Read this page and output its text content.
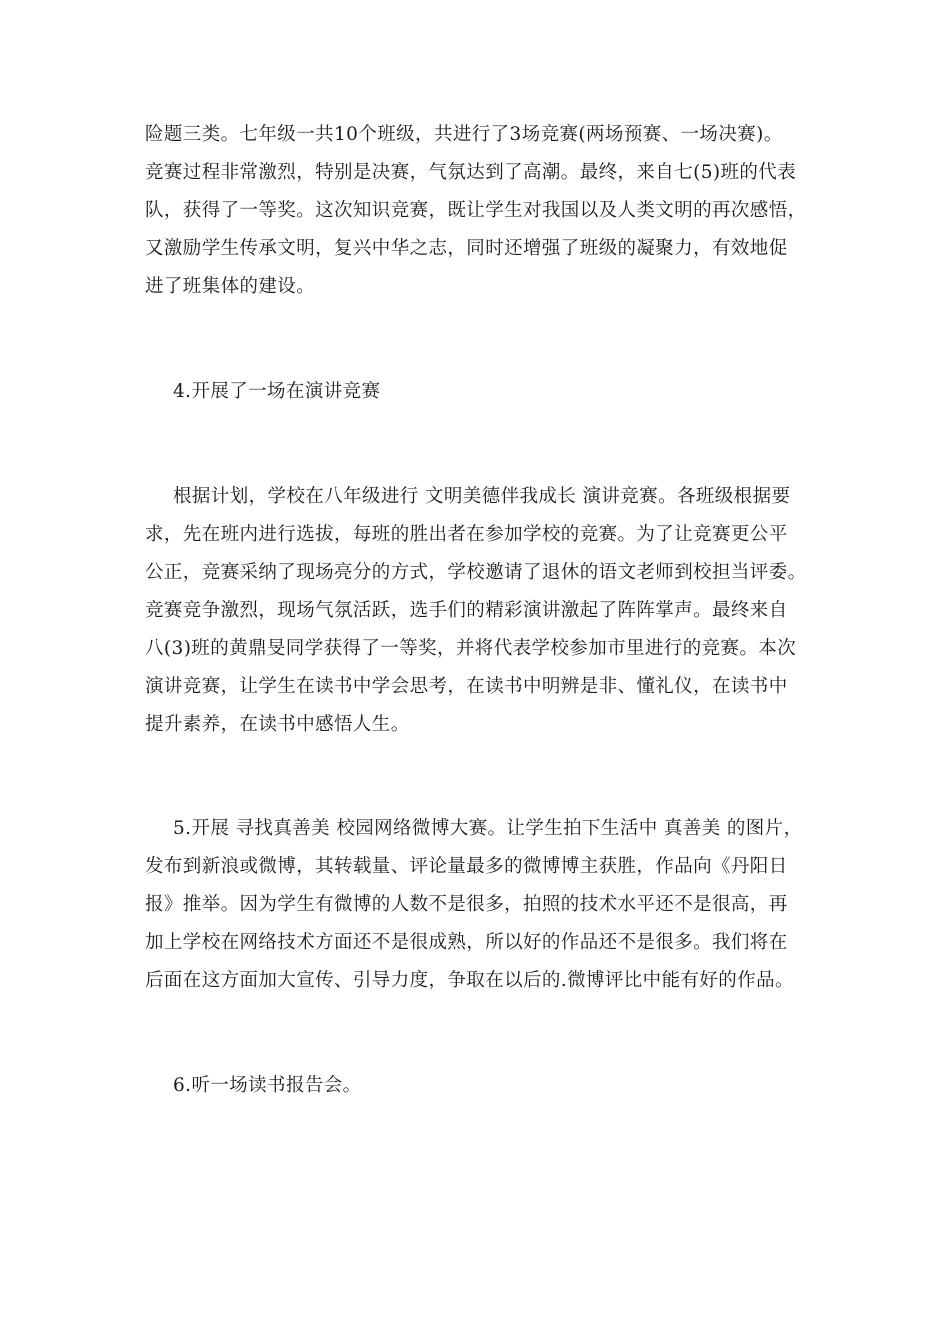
险题三类。七年级一共10个班级，共进行了3场竞赛(两场预赛、一场决赛)。
竞赛过程非常激烈，特别是决赛，气氛达到了高潮。最终，来自七(5)班的代表
队，获得了一等奖。这次知识竞赛，既让学生对我国以及人类文明的再次感悟，
又激励学生传承文明，复兴中华之志，同时还增强了班级的凝聚力，有效地促
进了班集体的建设。
4.开展了一场在演讲竞赛
根据计划，学校在八年级进行 文明美德伴我成长 演讲竞赛。各班级根据要
求，先在班内进行选拔，每班的胜出者在参加学校的竞赛。为了让竞赛更公平
公正，竞赛采纳了现场亮分的方式，学校邀请了退休的语文老师到校担当评委。
竞赛竞争激烈，现场气氛活跃，选手们的精彩演讲激起了阵阵掌声。最终来自
八(3)班的黄鼎旻同学获得了一等奖，并将代表学校参加市里进行的竞赛。本次
演讲竞赛，让学生在读书中学会思考，在读书中明辨是非、懂礼仪，在读书中
提升素养，在读书中感悟人生。
5.开展 寻找真善美 校园网络微博大赛。让学生拍下生活中 真善美 的图片，
发布到新浪或微博，其转载量、评论量最多的微博博主获胜，作品向《丹阳日
报》推举。因为学生有微博的人数不是很多，拍照的技术水平还不是很高，再
加上学校在网络技术方面还不是很成熟，所以好的作品还不是很多。我们将在
后面在这方面加大宣传、引导力度，争取在以后的.微博评比中能有好的作品。
6.听一场读书报告会。
